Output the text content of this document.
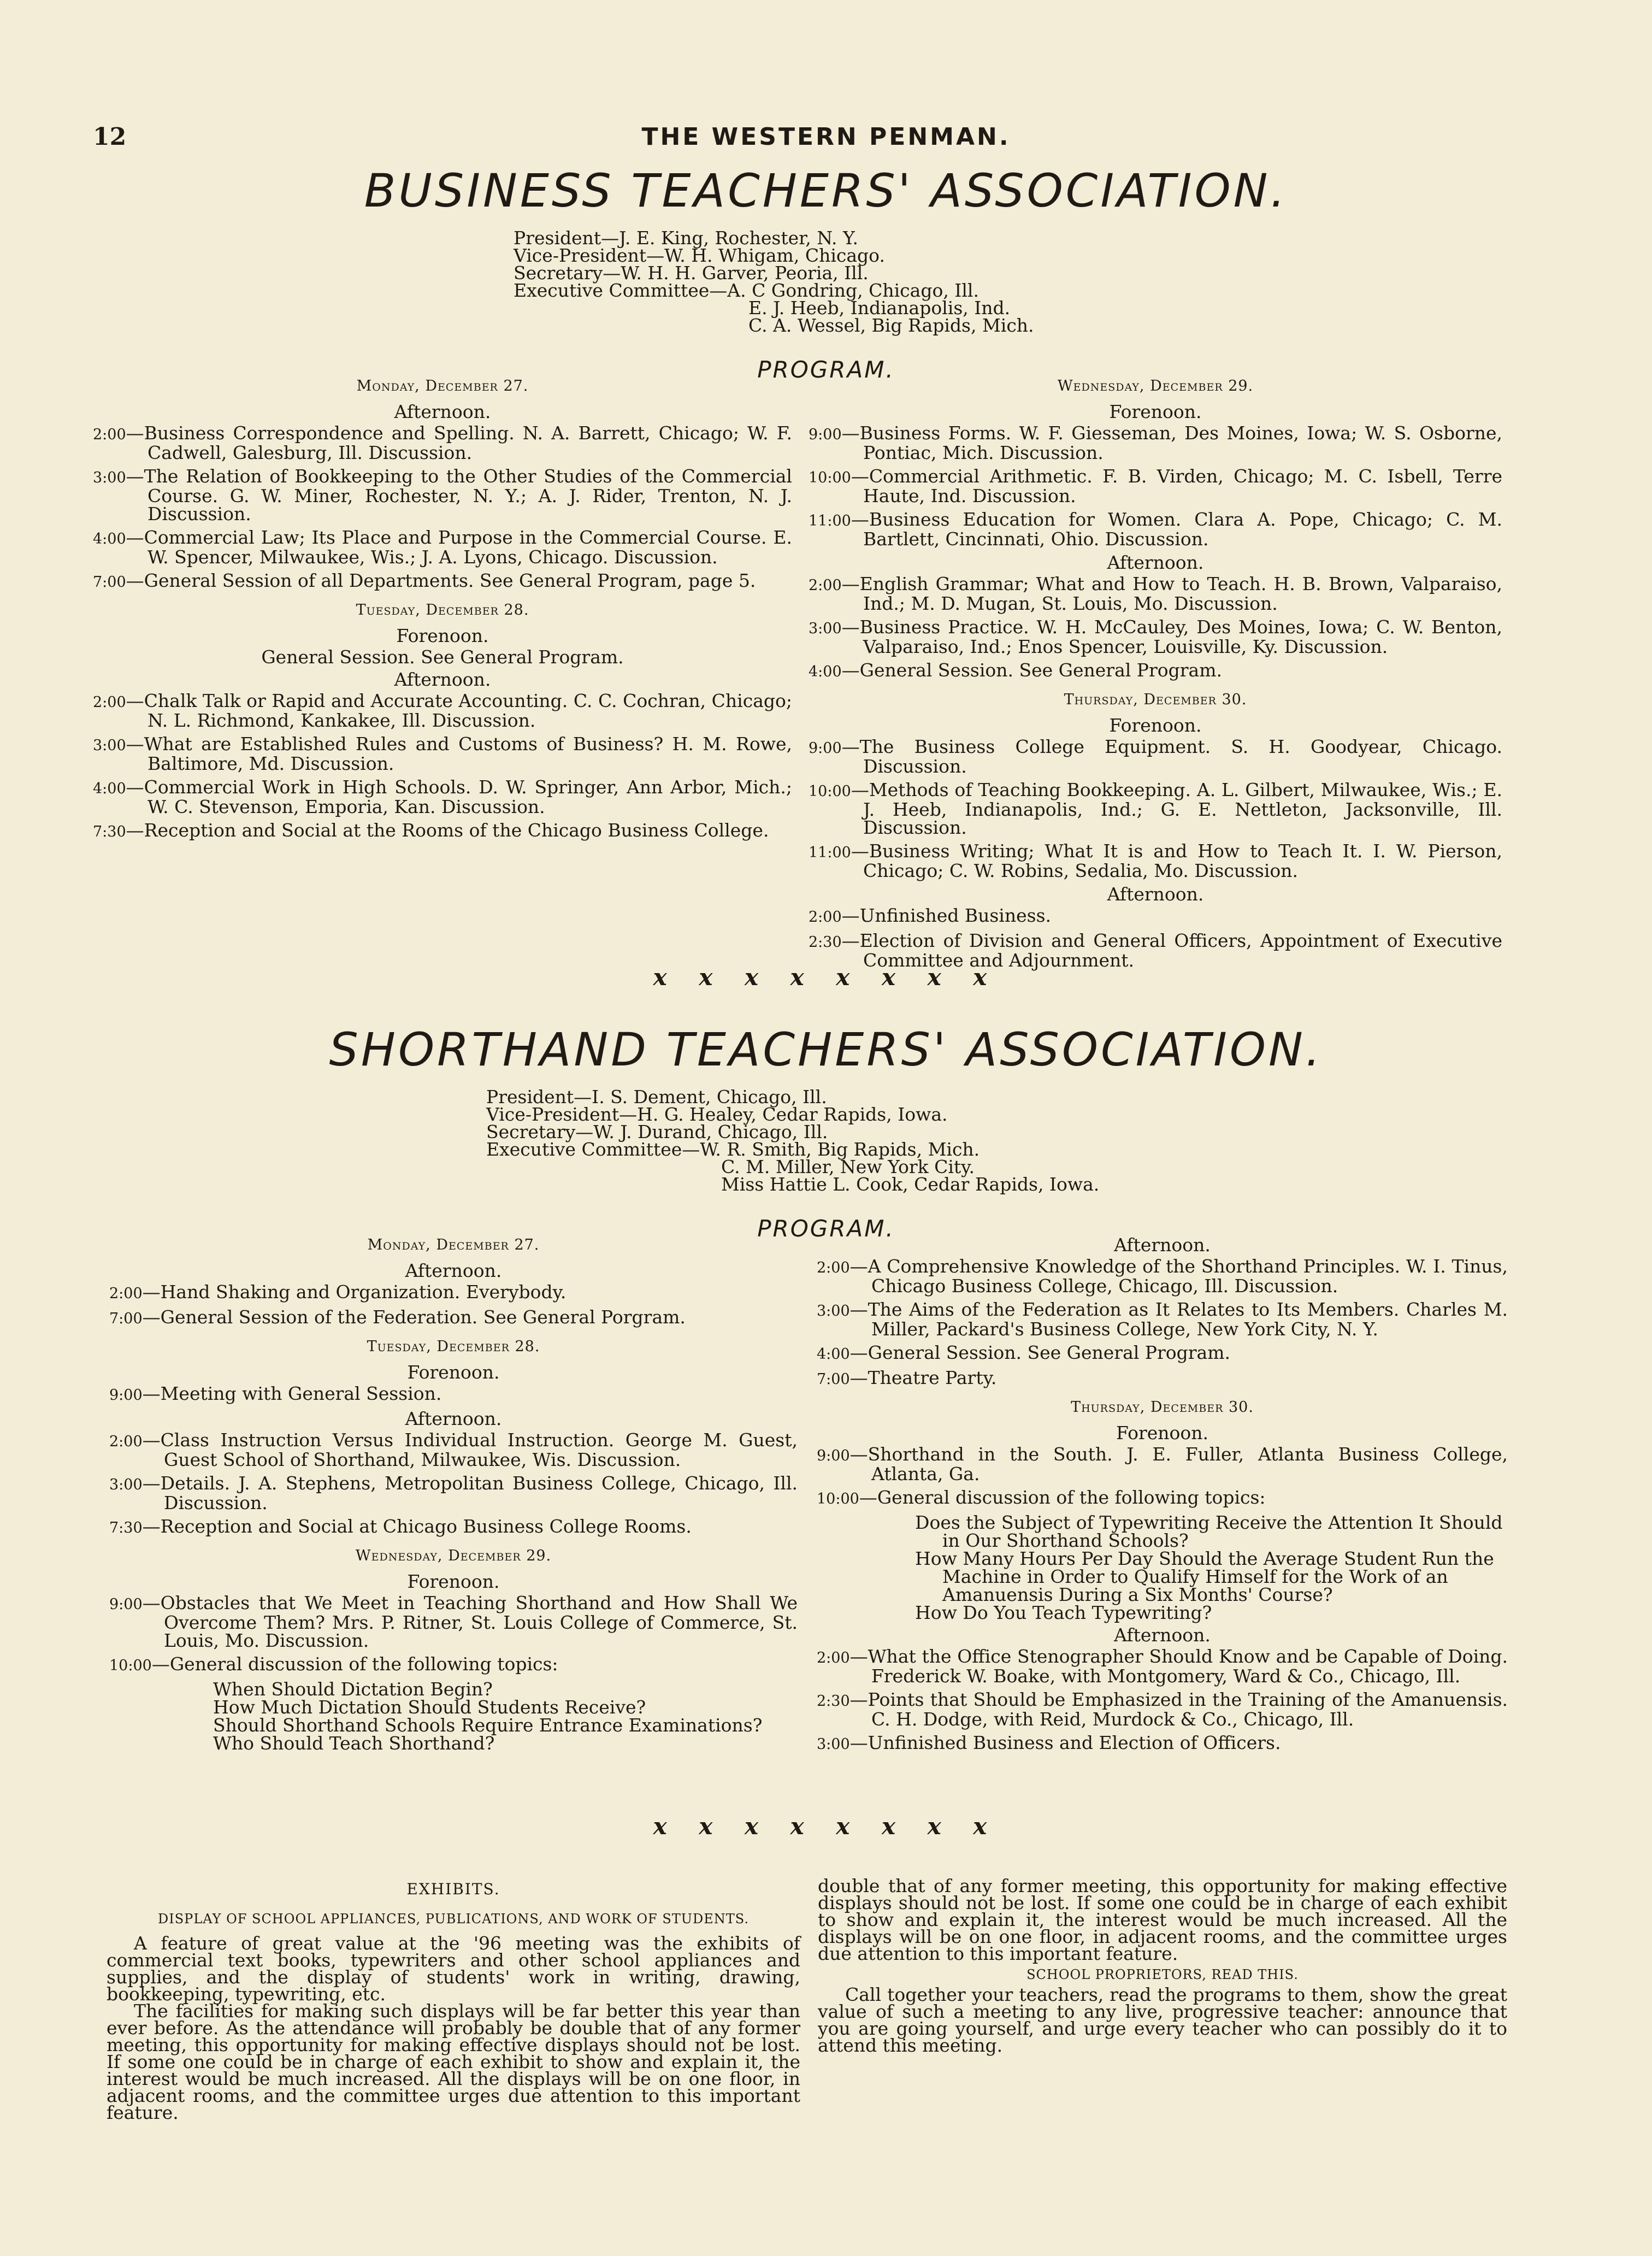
12	THE WESTERN PENMAN.
BUSINESS TEACHERS' ASSOCIATION.
President—J. E. King, Rochester, N. Y.
Vice-President—W. H. Whigam, Chicago.
Secretary—W. H. H. Garver, Peoria, Ill.
Executive Committee—A. C Gondring, Chicago, Ill.
E. J. Heeb, Indianapolis, Ind.
C. A. Wessel, Big Rapids, Mich.
PROGRAM.
Monday, December 27.
Afternoon.
2:00—Business Correspondence and Spelling. N. A. Barrett, Chicago; W. F. Cadwell, Galesburg, Ill. Discussion.
3:00—The Relation of Bookkeeping to the Other Studies of the Commercial Course. G. W. Miner, Rochester, N. Y.; A. J. Rider, Trenton, N. J. Discussion.
4:00—Commercial Law; Its Place and Purpose in the Commercial Course. E. W. Spencer, Milwaukee, Wis.; J. A. Lyons, Chicago. Discussion.
7:00—General Session of all Departments. See General Program, page 5.
Tuesday, December 28.
Forenoon.
General Session. See General Program.
Afternoon.
2:00—Chalk Talk or Rapid and Accurate Accounting. C. C. Cochran, Chicago; N. L. Richmond, Kankakee, Ill. Discussion.
3:00—What are Established Rules and Customs of Business? H. M. Rowe, Baltimore, Md. Discussion.
4:00—Commercial Work in High Schools. D. W. Springer, Ann Arbor, Mich.; W. C. Stevenson, Emporia, Kan. Discussion.
7:30—Reception and Social at the Rooms of the Chicago Business College.
Wednesday, December 29.
Forenoon.
9:00—Business Forms. W. F. Giesseman, Des Moines, Iowa; W. S. Osborne, Pontiac, Mich. Discussion.
10:00—Commercial Arithmetic. F. B. Virden, Chicago; M. C. Isbell, Terre Haute, Ind. Discussion.
11:00—Business Education for Women. Clara A. Pope, Chicago; C. M. Bartlett, Cincinnati, Ohio. Discussion.
Afternoon.
2:00—English Grammar; What and How to Teach. H. B. Brown, Valparaiso, Ind.; M. D. Mugan, St. Louis, Mo. Discussion.
3:00—Business Practice. W. H. McCauley, Des Moines, Iowa; C. W. Benton, Valparaiso, Ind.; Enos Spencer, Louisville, Ky. Discussion.
4:00—General Session. See General Program.
Thursday, December 30.
Forenoon.
9:00—The Business College Equipment. S. H. Goodyear, Chicago. Discussion.
10:00—Methods of Teaching Bookkeeping. A. L. Gilbert, Milwaukee, Wis.; E. J. Heeb, Indianapolis, Ind.; G. E. Nettleton, Jacksonville, Ill. Discussion.
11:00—Business Writing; What It is and How to Teach It. I. W. Pierson, Chicago; C. W. Robins, Sedalia, Mo. Discussion.
Afternoon.
2:00—Unfinished Business.
2:30—Election of Division and General Officers, Appointment of Executive Committee and Adjournment.
x x x x x x x x
SHORTHAND TEACHERS' ASSOCIATION.
President—I. S. Dement, Chicago, Ill.
Vice-President—H. G. Healey, Cedar Rapids, Iowa.
Secretary—W. J. Durand, Chicago, Ill.
Executive Committee—W. R. Smith, Big Rapids, Mich.
C. M. Miller, New York City.
Miss Hattie L. Cook, Cedar Rapids, Iowa.
PROGRAM.
Monday, December 27.
Afternoon.
2:00—Hand Shaking and Organization. Everybody.
7:00—General Session of the Federation. See General Porgram.
Tuesday, December 28.
Forenoon.
9:00—Meeting with General Session.
Afternoon.
2:00—Class Instruction Versus Individual Instruction. George M. Guest, Guest School of Shorthand, Milwaukee, Wis. Discussion.
3:00—Details. J. A. Stephens, Metropolitan Business College, Chicago, Ill. Discussion.
7:30—Reception and Social at Chicago Business College Rooms.
Wednesday, December 29.
Forenoon.
9:00—Obstacles that We Meet in Teaching Shorthand and How Shall We Overcome Them? Mrs. P. Ritner, St. Louis College of Commerce, St. Louis, Mo. Discussion.
10:00—General discussion of the following topics:
When Should Dictation Begin?
How Much Dictation Should Students Receive?
Should Shorthand Schools Require Entrance Examinations?
Who Should Teach Shorthand?
Afternoon.
2:00—A Comprehensive Knowledge of the Shorthand Principles. W. I. Tinus, Chicago Business College, Chicago, Ill. Discussion.
3:00—The Aims of the Federation as It Relates to Its Members. Charles M. Miller, Packard's Business College, New York City, N. Y.
4:00—General Session. See General Program.
7:00—Theatre Party.
Thursday, December 30.
Forenoon.
9:00—Shorthand in the South. J. E. Fuller, Atlanta Business College, Atlanta, Ga.
10:00—General discussion of the following topics:
Does the Subject of Typewriting Receive the Attention It Should in Our Shorthand Schools?
How Many Hours Per Day Should the Average Student Run the Machine in Order to Qualify Himself for the Work of an Amanuensis During a Six Months' Course?
How Do You Teach Typewriting?
Afternoon.
2:00—What the Office Stenographer Should Know and be Capable of Doing. Frederick W. Boake, with Montgomery, Ward & Co., Chicago, Ill.
2:30—Points that Should be Emphasized in the Training of the Amanuensis. C. H. Dodge, with Reid, Murdock & Co., Chicago, Ill.
3:00—Unfinished Business and Election of Officers.
x x x x x x x x
EXHIBITS.
DISPLAY OF SCHOOL APPLIANCES, PUBLICATIONS, AND WORK OF STUDENTS.

A feature of great value at the '96 meeting was the exhibits of commercial text books, typewriters and other school appliances and supplies, and the display of students' work in writing, drawing, bookkeeping, typewriting, etc.

The facilities for making such displays will be far better this year than ever before. As the attendance will probably be double that of any former meeting, this opportunity for making effective displays should not be lost. If some one could be in charge of each exhibit to show and explain it, the interest would be much increased. All the displays will be on one floor, in adjacent rooms, and the committee urges due attention to this important feature.

double that of any former meeting, this opportunity for making effective displays should not be lost. If some one could be in charge of each exhibit to show and explain it, the interest would be much increased. All the displays will be on one floor, in adjacent rooms, and the committee urges due attention to this important feature.

SCHOOL PROPRIETORS, READ THIS.

Call together your teachers, read the programs to them, show the great value of such a meeting to any live, progressive teacher: announce that you are going yourself, and urge every teacher who can possibly do it to attend this meeting.
